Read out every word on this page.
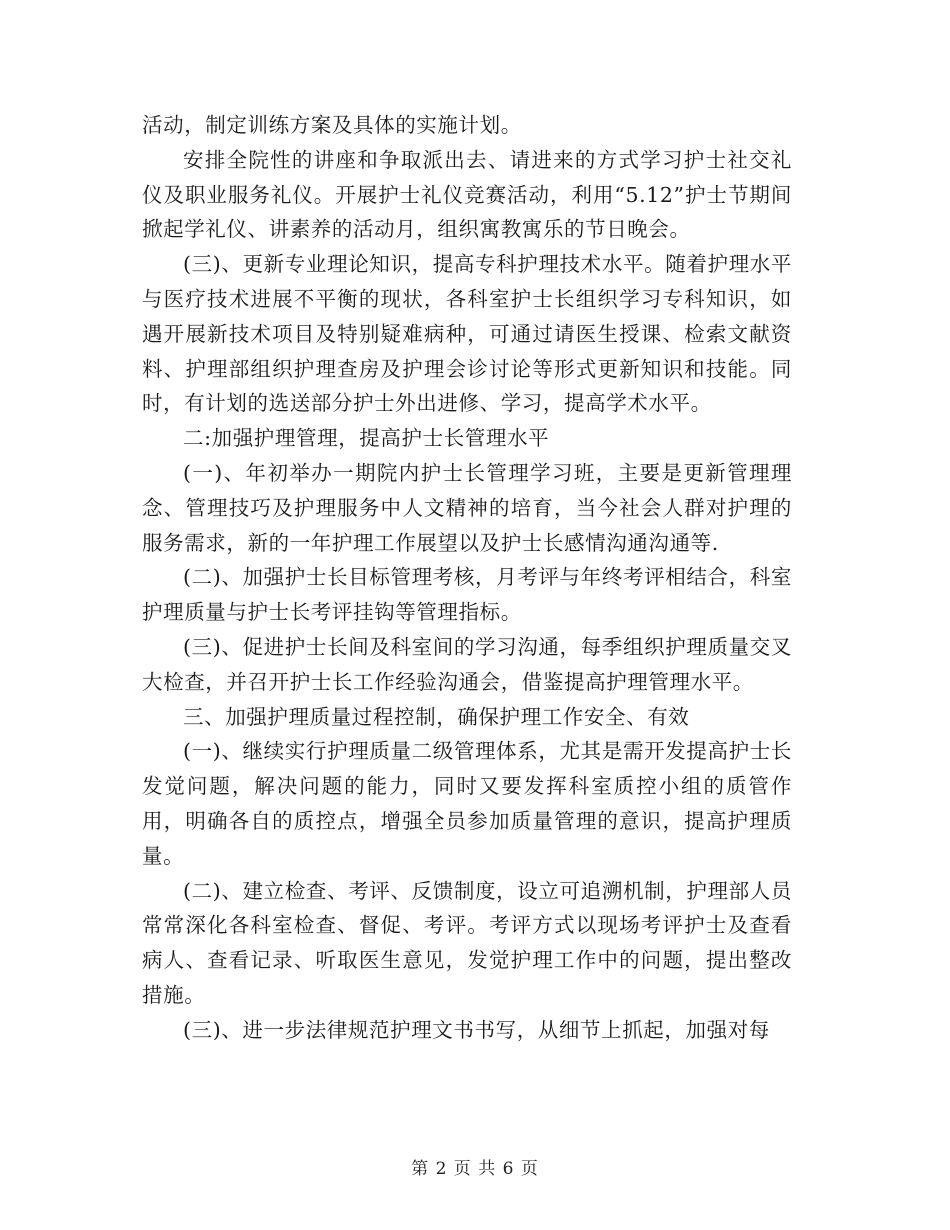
活动，制定训练方案及具体的实施计划。

安排全院性的讲座和争取派出去、请进来的方式学习护士社交礼仪及职业服务礼仪。开展护士礼仪竞赛活动，利用“5.12”护士节期间掀起学礼仪、讲素养的活动月，组织寓教寓乐的节日晚会。

(三)、更新专业理论知识，提高专科护理技术水平。随着护理水平与医疗技术进展不平衡的现状，各科室护士长组织学习专科知识，如遇开展新技术项目及特别疑难病种，可通过请医生授课、检索文献资料、护理部组织护理查房及护理会诊讨论等形式更新知识和技能。同时，有计划的选送部分护士外出进修、学习，提高学术水平。

二:加强护理管理，提高护士长管理水平

(一)、年初举办一期院内护士长管理学习班，主要是更新管理理念、管理技巧及护理服务中人文精神的培育，当今社会人群对护理的服务需求，新的一年护理工作展望以及护士长感情沟通沟通等.

(二)、加强护士长目标管理考核，月考评与年终考评相结合，科室护理质量与护士长考评挂钩等管理指标。

(三)、促进护士长间及科室间的学习沟通，每季组织护理质量交叉大检查，并召开护士长工作经验沟通会，借鉴提高护理管理水平。

三、加强护理质量过程控制，确保护理工作安全、有效

(一)、继续实行护理质量二级管理体系，尤其是需开发提高护士长发觉问题，解决问题的能力，同时又要发挥科室质控小组的质管作用，明确各自的质控点，增强全员参加质量管理的意识，提高护理质量。

(二)、建立检查、考评、反馈制度，设立可追溯机制，护理部人员常常深化各科室检查、督促、考评。考评方式以现场考评护士及查看病人、查看记录、听取医生意见，发觉护理工作中的问题，提出整改措施。

(三)、进一步法律规范护理文书书写，从细节上抓起，加强对每

第 2 页 共 6 页
